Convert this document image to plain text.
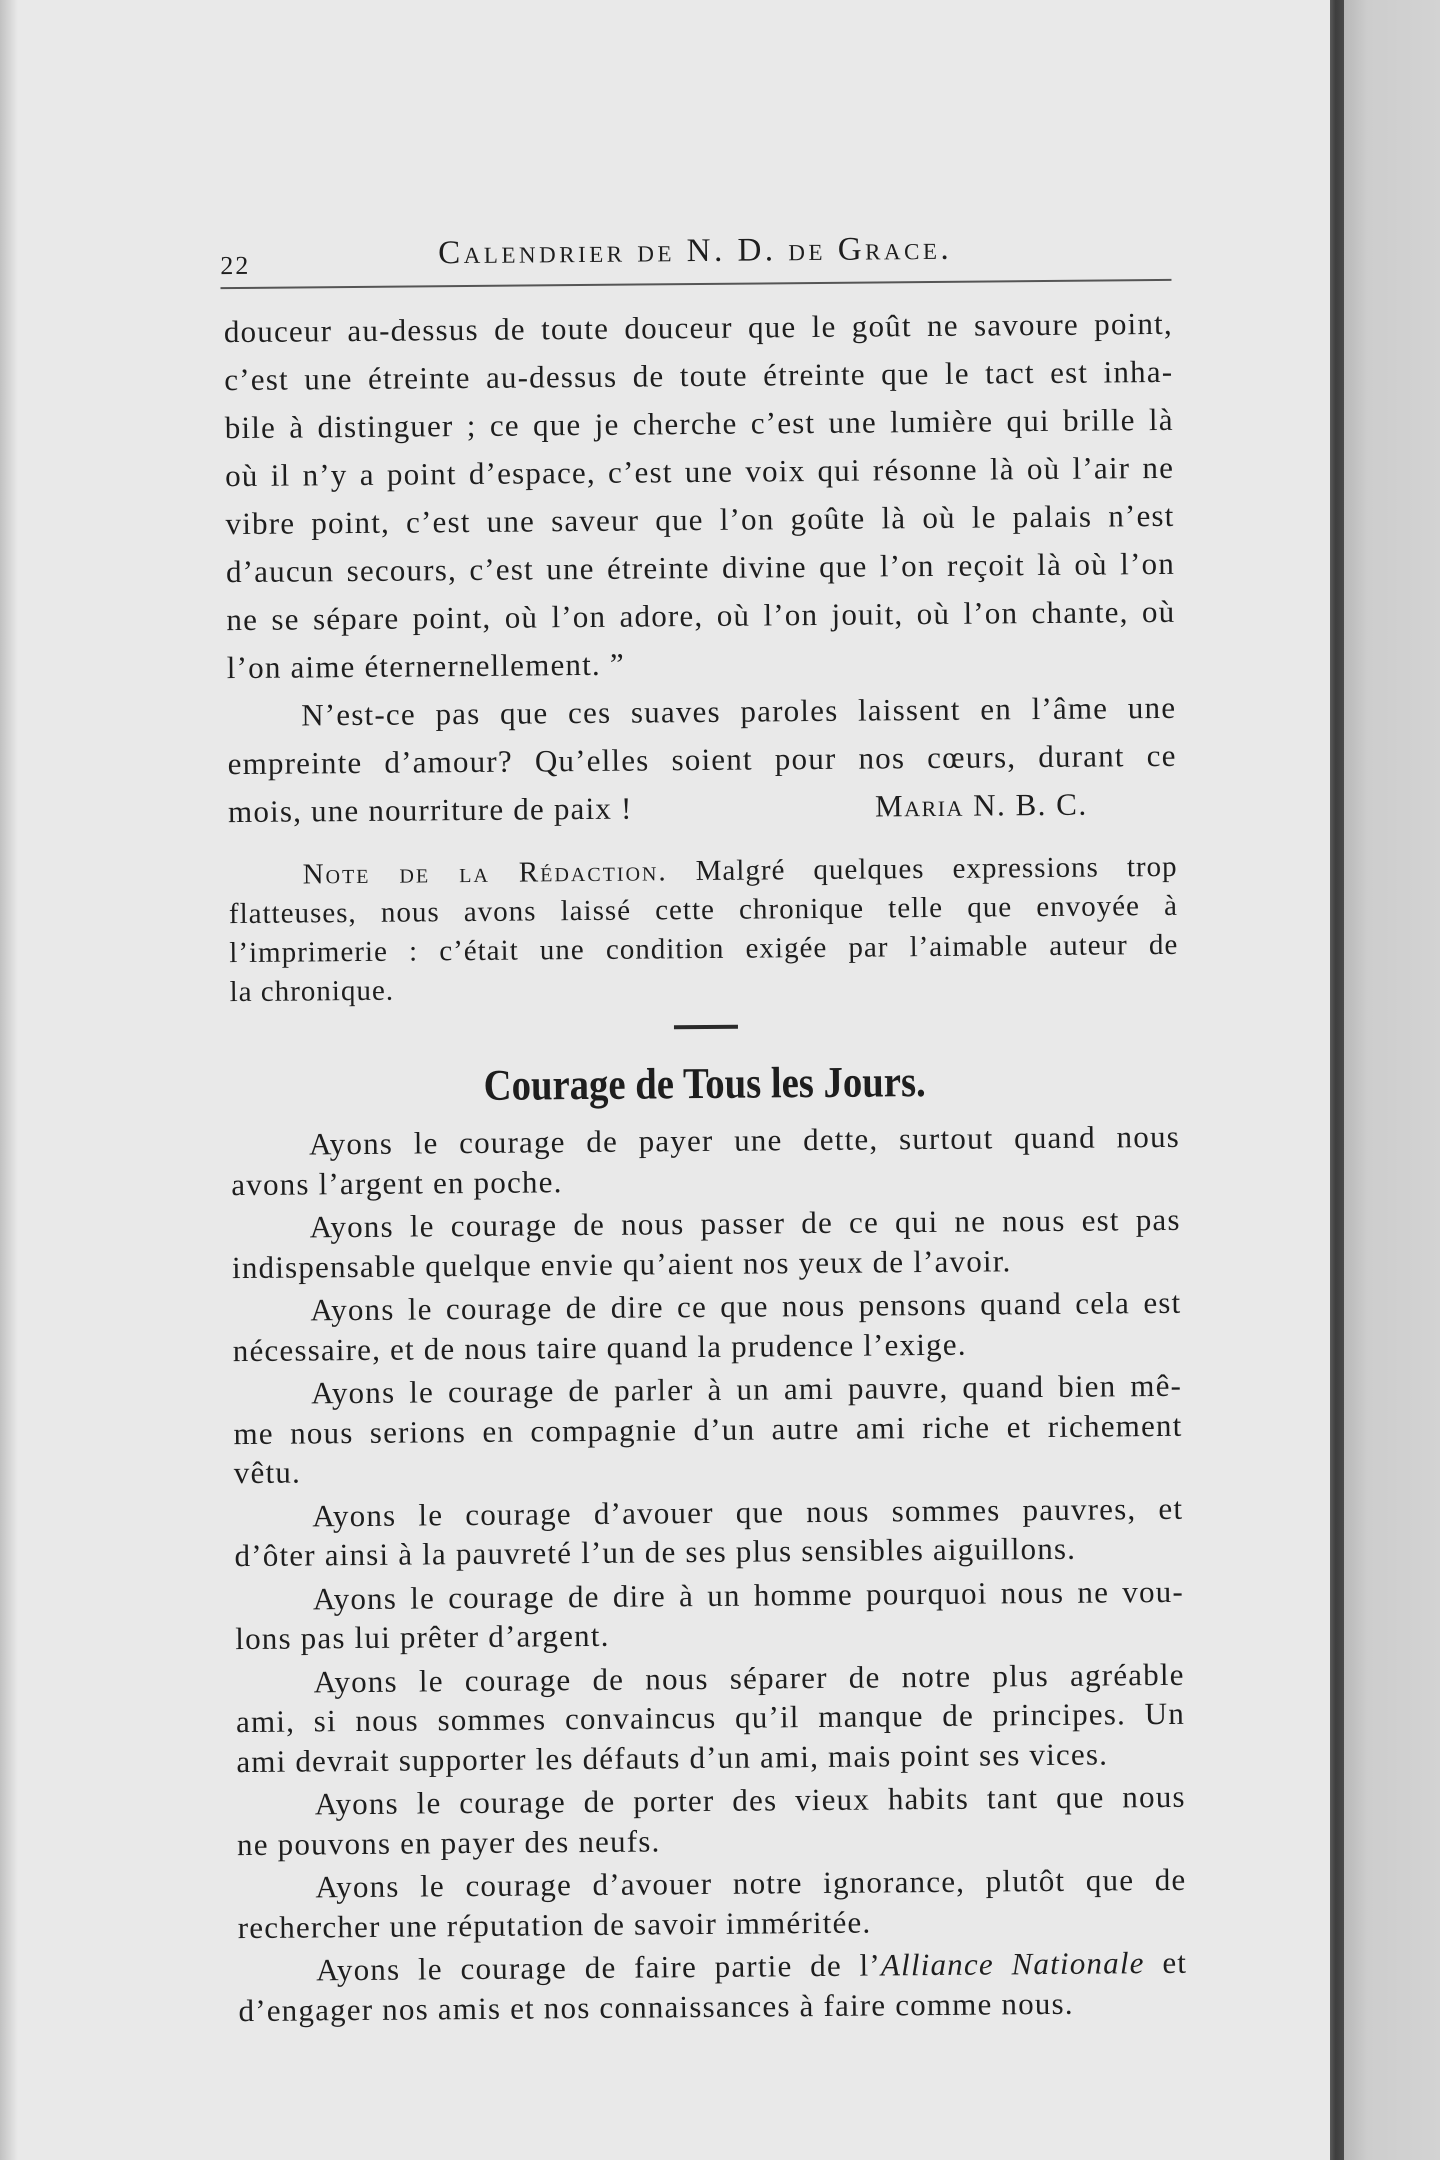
22	Calendrier de N. D. de Grace.
douceur au-dessus de toute douceur que le goût ne savoure point,
c’est une étreinte au-dessus de toute étreinte que le tact est inha-
bile à distinguer ; ce que je cherche c’est une lumière qui brille là
où il n’y a point d’espace, c’est une voix qui résonne là où l’air ne
vibre point, c’est une saveur que l’on goûte là où le palais n’est
d’aucun secours, c’est une étreinte divine que l’on reçoit là où l’on
ne se sépare point, où l’on adore, où l’on jouit, où l’on chante, où
l’on aime éternernellement. ”
N’est-ce pas que ces suaves paroles laissent en l’âme une
empreinte d’amour? Qu’elles soient pour nos cœurs, durant ce
mois, une nourriture de paix !	Maria N. B. C.
Note de la Rédaction. Malgré quelques expressions trop
flatteuses, nous avons laissé cette chronique telle que envoyée à
l’imprimerie : c’était une condition exigée par l’aimable auteur de
la chronique.
Courage de Tous les Jours.
Ayons le courage de payer une dette, surtout quand nous
avons l’argent en poche.
Ayons le courage de nous passer de ce qui ne nous est pas
indispensable quelque envie qu’aient nos yeux de l’avoir.
Ayons le courage de dire ce que nous pensons quand cela est
nécessaire, et de nous taire quand la prudence l’exige.
Ayons le courage de parler à un ami pauvre, quand bien mê-
me nous serions en compagnie d’un autre ami riche et richement
vêtu.
Ayons le courage d’avouer que nous sommes pauvres, et
d’ôter ainsi à la pauvreté l’un de ses plus sensibles aiguillons.
Ayons le courage de dire à un homme pourquoi nous ne vou-
lons pas lui prêter d’argent.
Ayons le courage de nous séparer de notre plus agréable
ami, si nous sommes convaincus qu’il manque de principes. Un
ami devrait supporter les défauts d’un ami, mais point ses vices.
Ayons le courage de porter des vieux habits tant que nous
ne pouvons en payer des neufs.
Ayons le courage d’avouer notre ignorance, plutôt que de
rechercher une réputation de savoir imméritée.
Ayons le courage de faire partie de l’Alliance Nationale et
d’engager nos amis et nos connaissances à faire comme nous.
